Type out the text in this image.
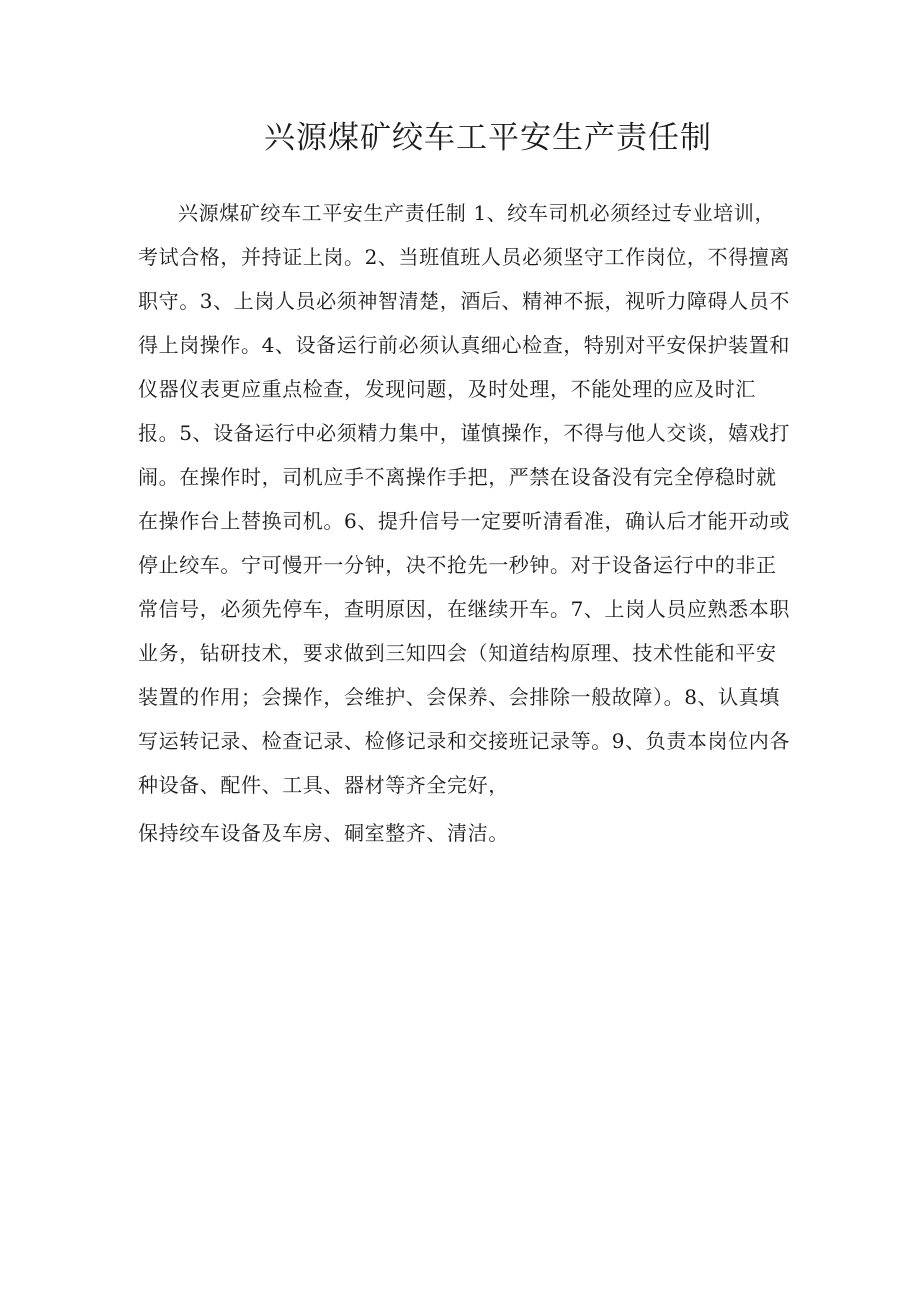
兴源煤矿绞车工平安生产责任制
兴源煤矿绞车工平安生产责任制 1、绞车司机必须经过专业培训，
考试合格，并持证上岗。2、当班值班人员必须坚守工作岗位，不得擅离
职守。3、上岗人员必须神智清楚，酒后、精神不振，视听力障碍人员不
得上岗操作。4、设备运行前必须认真细心检查，特别对平安保护装置和
仪器仪表更应重点检查，发现问题，及时处理，不能处理的应及时汇
报。5、设备运行中必须精力集中，谨慎操作，不得与他人交谈，嬉戏打
闹。在操作时，司机应手不离操作手把，严禁在设备没有完全停稳时就
在操作台上替换司机。6、提升信号一定要听清看准，确认后才能开动或
停止绞车。宁可慢开一分钟，决不抢先一秒钟。对于设备运行中的非正
常信号，必须先停车，查明原因，在继续开车。7、上岗人员应熟悉本职
业务，钻研技术，要求做到三知四会（知道结构原理、技术性能和平安
装置的作用；会操作，会维护、会保养、会排除一般故障）。8、认真填
写运转记录、检查记录、检修记录和交接班记录等。9、负责本岗位内各
种设备、配件、工具、器材等齐全完好，
保持绞车设备及车房、硐室整齐、清洁。
